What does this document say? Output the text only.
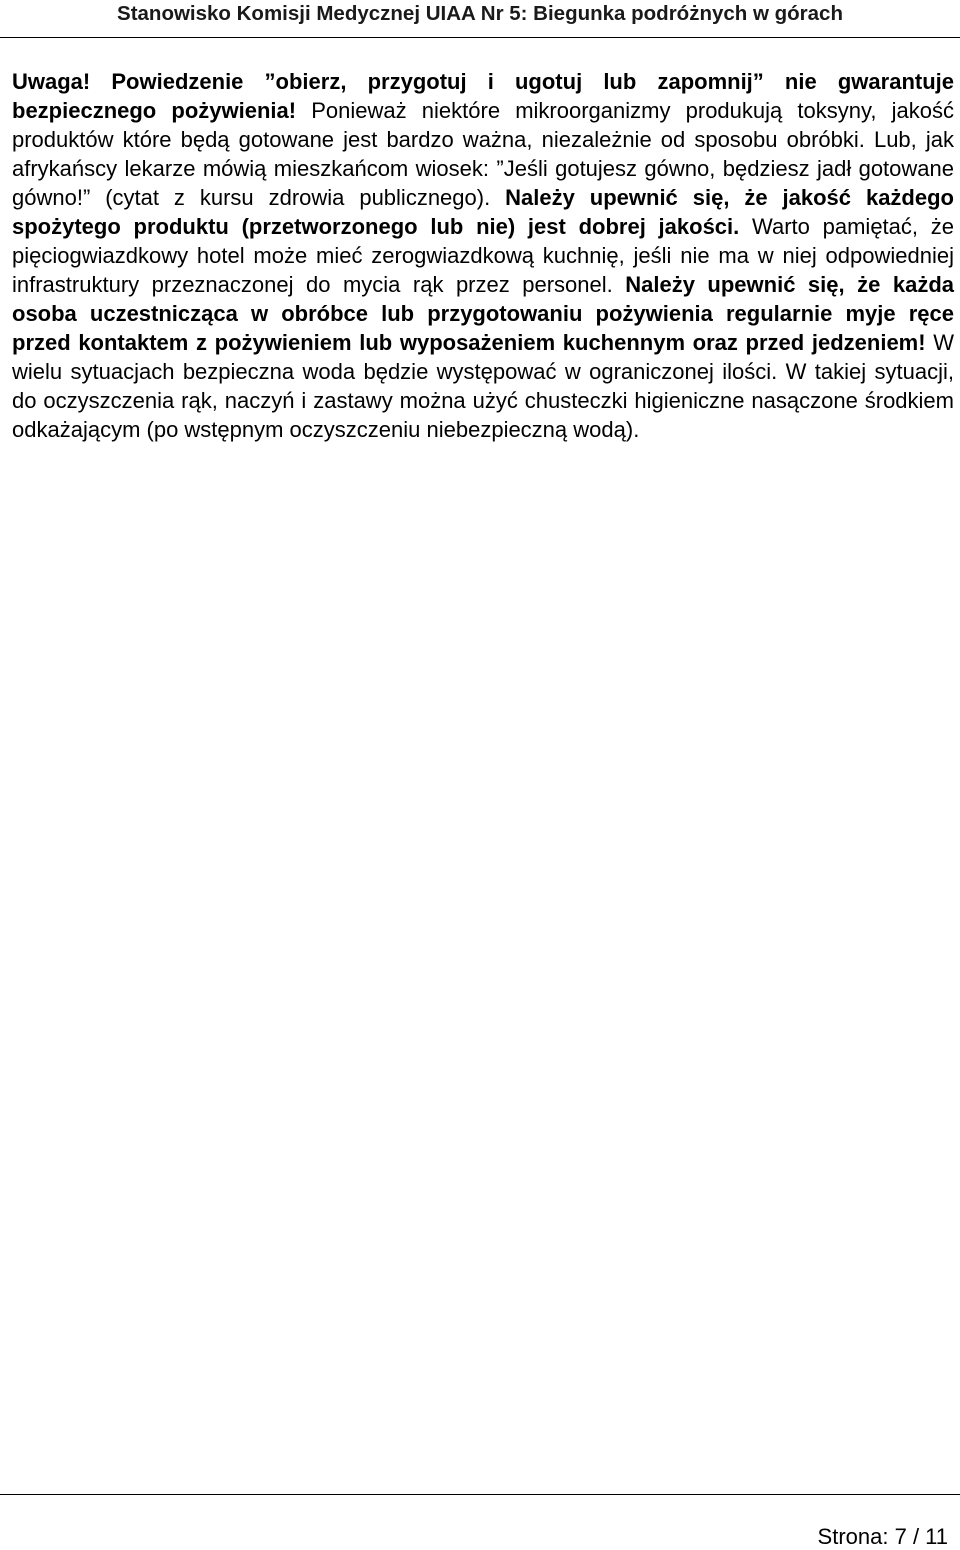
Stanowisko Komisji Medycznej UIAA Nr 5: Biegunka podróżnych w górach
Uwaga! Powiedzenie ”obierz, przygotuj i ugotuj lub zapomnij” nie gwarantuje bezpiecznego pożywienia! Ponieważ niektóre mikroorganizmy produkują toksyny, jakość produktów które będą gotowane jest bardzo ważna, niezależnie od sposobu obróbki. Lub, jak afrykańscy lekarze mówią mieszkańcom wiosek: ”Jeśli gotujesz gówno, będziesz jadł gotowane gówno!” (cytat z kursu zdrowia publicznego). Należy upewnić się, że jakość każdego spożytego produktu (przetworzonego lub nie) jest dobrej jakości. Warto pamiętać, że pięciogwiazdkowy hotel może mieć zerogwiazdkową kuchnię, jeśli nie ma w niej odpowiedniej infrastruktury przeznaczonej do mycia rąk przez personel. Należy upewnić się, że każda osoba uczestnicząca w obróbce lub przygotowaniu pożywienia regularnie myje ręce przed kontaktem z pożywieniem lub wyposażeniem kuchennym oraz przed jedzeniem! W wielu sytuacjach bezpieczna woda będzie występować w ograniczonej ilości. W takiej sytuacji, do oczyszczenia rąk, naczyń i zastawy można użyć chusteczki higieniczne nasączone środkiem odkażającym (po wstępnym oczyszczeniu niebezpieczną wodą).
Strona: 7 / 11
